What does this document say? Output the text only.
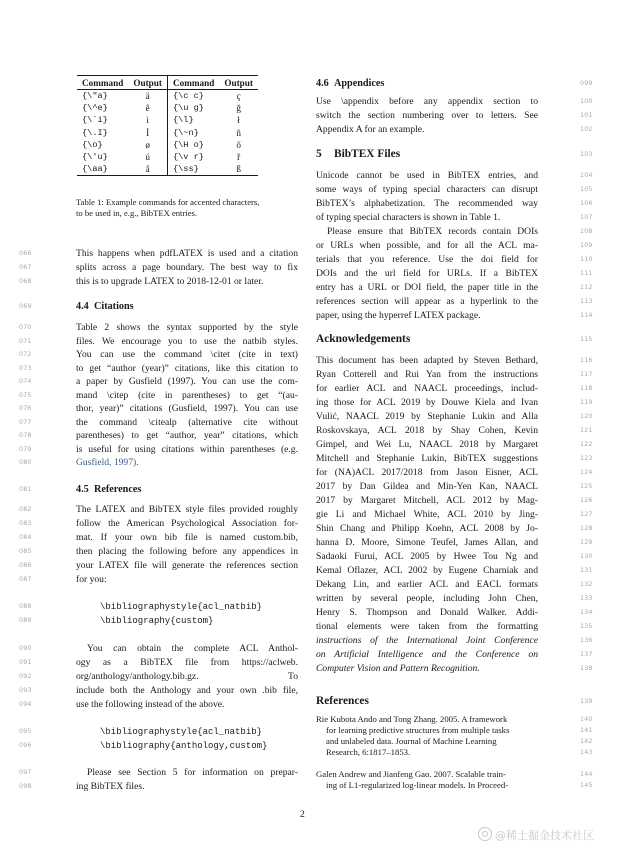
Command	Output	Command	Output
{\"a}	ä	{\c c}	ç
{\^e}	ê	{\u g}	ğ
{\`i}	ì	{\l}	ł
{\.I}	İ	{\~n}	ñ
{\o}	ø	{\H o}	ő
{\'u}	ú	{\v r}	ř
{\aa}	å	{\ss}	ß
Table 1: Example commands for accented characters,
to be used in, e.g., BibTEX entries.
This happens when pdfLATEX is used and a citation
splits across a page boundary. The best way to fix
this is to upgrade LATEX to 2018-12-01 or later.
4.4 Citations
Table 2 shows the syntax supported by the style
files. We encourage you to use the natbib styles.
You can use the command \citet (cite in text)
to get “author (year)” citations, like this citation to
a paper by Gusfield (1997). You can use the com-
mand \citep (cite in parentheses) to get “(au-
thor, year)” citations (Gusfield, 1997). You can use
the command \citealp (alternative cite without
parentheses) to get “author, year” citations, which
is useful for using citations within parentheses (e.g.
Gusfield, 1997).
4.5 References
The LATEX and BibTEX style files provided roughly
follow the American Psychological Association for-
mat. If your own bib file is named custom.bib,
then placing the following before any appendices in
your LATEX file will generate the references section
for you:
\bibliographystyle{acl_natbib}
\bibliography{custom}
You can obtain the complete ACL Anthol-
ogy as a BibTEX file from https://aclweb.
org/anthology/anthology.bib.gz. To
include both the Anthology and your own .bib file,
use the following instead of the above.
\bibliographystyle{acl_natbib}
\bibliography{anthology,custom}
Please see Section 5 for information on prepar-
ing BibTEX files.
4.6 Appendices
Use \appendix before any appendix section to
switch the section numbering over to letters. See
Appendix A for an example.
5 BibTEX Files
Unicode cannot be used in BibTEX entries, and
some ways of typing special characters can disrupt
BibTEX’s alphabetization. The recommended way
of typing special characters is shown in Table 1.
Please ensure that BibTEX records contain DOIs
or URLs when possible, and for all the ACL ma-
terials that you reference. Use the doi field for
DOIs and the url field for URLs. If a BibTEX
entry has a URL or DOI field, the paper title in the
references section will appear as a hyperlink to the
paper, using the hyperref LATEX package.
Acknowledgements
This document has been adapted by Steven Bethard,
Ryan Cotterell and Rui Yan from the instructions
for earlier ACL and NAACL proceedings, includ-
ing those for ACL 2019 by Douwe Kiela and Ivan
Vulić, NAACL 2019 by Stephanie Lukin and Alla
Roskovskaya, ACL 2018 by Shay Cohen, Kevin
Gimpel, and Wei Lu, NAACL 2018 by Margaret
Mitchell and Stephanie Lukin, BibTEX suggestions
for (NA)ACL 2017/2018 from Jason Eisner, ACL
2017 by Dan Gildea and Min-Yen Kan, NAACL
2017 by Margaret Mitchell, ACL 2012 by Mag-
gie Li and Michael White, ACL 2010 by Jing-
Shin Chang and Philipp Koehn, ACL 2008 by Jo-
hanna D. Moore, Simone Teufel, James Allan, and
Sadaoki Furui, ACL 2005 by Hwee Tou Ng and
Kemal Oflazer, ACL 2002 by Eugene Charniak and
Dekang Lin, and earlier ACL and EACL formats
written by several people, including John Chen,
Henry S. Thompson and Donald Walker. Addi-
tional elements were taken from the formatting
instructions of the International Joint Conference
on Artificial Intelligence and the Conference on
Computer Vision and Pattern Recognition.
References
Rie Kubota Ando and Tong Zhang. 2005. A framework
for learning predictive structures from multiple tasks
and unlabeled data. Journal of Machine Learning
Research, 6:1817–1853.
Galen Andrew and Jianfeng Gao. 2007. Scalable train-
ing of L1-regularized log-linear models. In Proceed-
066
067
068
069
070
071
072
073
074
075
076
077
078
079
080
081
082
083
084
085
086
087
088
089
090
091
092
093
094
095
096
097
098
099
100
101
102
103
104
105
106
107
108
109
110
111
112
113
114
115
116
117
118
119
120
121
122
123
124
125
126
127
128
129
130
131
132
133
134
135
136
137
138
139
140
141
142
143
144
145
2
@稀土掘金技术社区
